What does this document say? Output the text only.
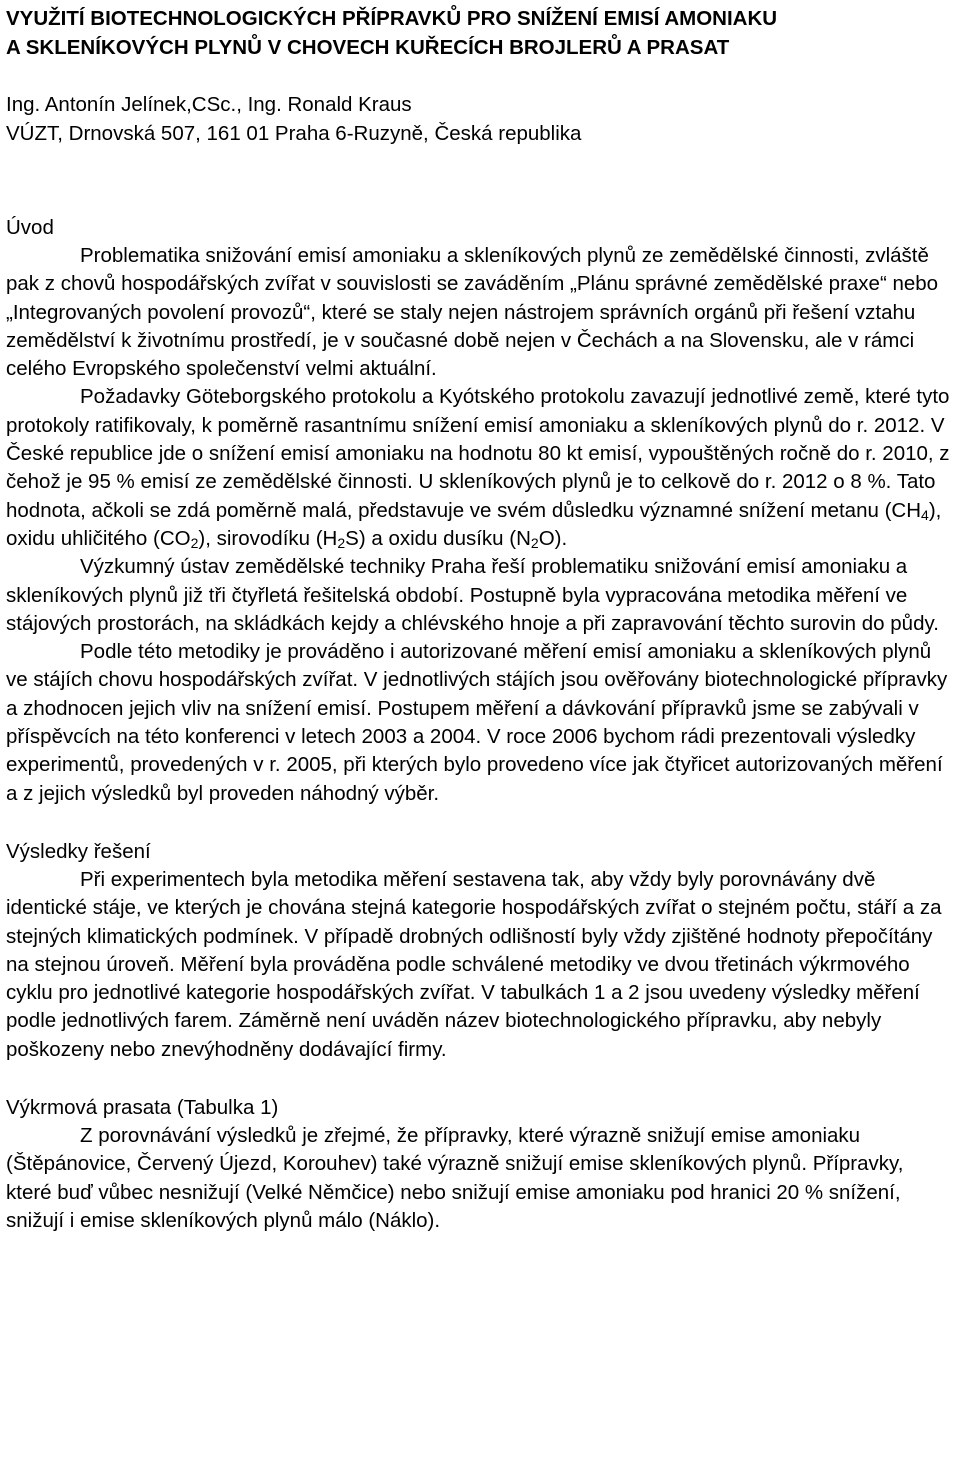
VYUŽITÍ BIOTECHNOLOGICKÝCH PŘÍPRAVKŮ PRO SNÍŽENÍ EMISÍ AMONIAKU
A SKLENÍKOVÝCH PLYNŮ V CHOVECH KUŘECÍCH BROJLERŮ A PRASAT
Ing. Antonín Jelínek,CSc., Ing. Ronald Kraus
VÚZT, Drnovská 507, 161 01 Praha 6-Ruzyně, Česká republika
Úvod

Problematika snižování emisí amoniaku a skleníkových plynů ze zemědělské činnosti, zvláště pak z chovů hospodářských zvířat v souvislosti se zaváděním „Plánu správné zemědělské praxe“ nebo „Integrovaných povolení provozů“, které se staly nejen nástrojem správních orgánů při řešení vztahu zemědělství k životnímu prostředí, je v současné době nejen v Čechách a na Slovensku, ale v rámci celého Evropského společenství velmi aktuální.

Požadavky Göteborgského protokolu a Kyótského protokolu zavazují jednotlivé země, které tyto protokoly ratifikovaly, k poměrně rasantnímu snížení emisí amoniaku a skleníkových plynů do r. 2012. V České republice jde o snížení emisí amoniaku na hodnotu 80 kt emisí, vypouštěných ročně do r. 2010, z čehož je 95 % emisí ze zemědělské činnosti. U skleníkových plynů je to celkově do r. 2012 o 8 %. Tato hodnota, ačkoli se zdá poměrně malá, představuje ve svém důsledku významné snížení metanu $(CH_4)$, oxidu uhličitého $(CO_2)$, sirovodíku $(H_2S)$ a oxidu dusíku $(N_2O)$.

Výzkumný ústav zemědělské techniky Praha řeší problematiku snižování emisí amoniaku a skleníkových plynů již tři čtyřletá řešitelská období. Postupně byla vypracována metodika měření ve stájových prostorách, na skládkách kejdy a chlévského hnoje a při zapravování těchto surovin do půdy.

Podle této metodiky je prováděno i autorizované měření emisí amoniaku a skleníkových plynů ve stájích chovu hospodářských zvířat. V jednotlivých stájích jsou ověřovány biotechnologické přípravky a zhodnocen jejich vliv na snížení emisí. Postupem měření a dávkování přípravků jsme se zabývali v příspěvcích na této konferenci v letech 2003 a 2004. V roce 2006 bychom rádi prezentovali výsledky experimentů, provedených v r. 2005, při kterých bylo provedeno více jak čtyřicet autorizovaných měření a z jejich výsledků byl proveden náhodný výběr.

Výsledky řešení

Při experimentech byla metodika měření sestavena tak, aby vždy byly porovnávány dvě identické stáje, ve kterých je chována stejná kategorie hospodářských zvířat o stejném počtu, stáří a za stejných klimatických podmínek. V případě drobných odlišností byly vždy zjištěné hodnoty přepočítány na stejnou úroveň. Měření byla prováděna podle schválené metodiky ve dvou třetinách výkrmového cyklu pro jednotlivé kategorie hospodářských zvířat. V tabulkách 1 a 2 jsou uvedeny výsledky měření podle jednotlivých farem. Záměrně není uváděn název biotechnologického přípravku, aby nebyly poškozeny nebo znevýhodněny dodávající firmy.

Výkrmová prasata (Tabulka 1)

Z porovnávání výsledků je zřejmé, že přípravky, které výrazně snižují emise amoniaku (Štěpánovice, Červený Újezd, Korouhev) také výrazně snižují emise skleníkových plynů. Přípravky, které buď vůbec nesnižují (Velké Němčice) nebo snižují emise amoniaku pod hranici 20 % snížení, snižují i emise skleníkových plynů málo (Náklo).
